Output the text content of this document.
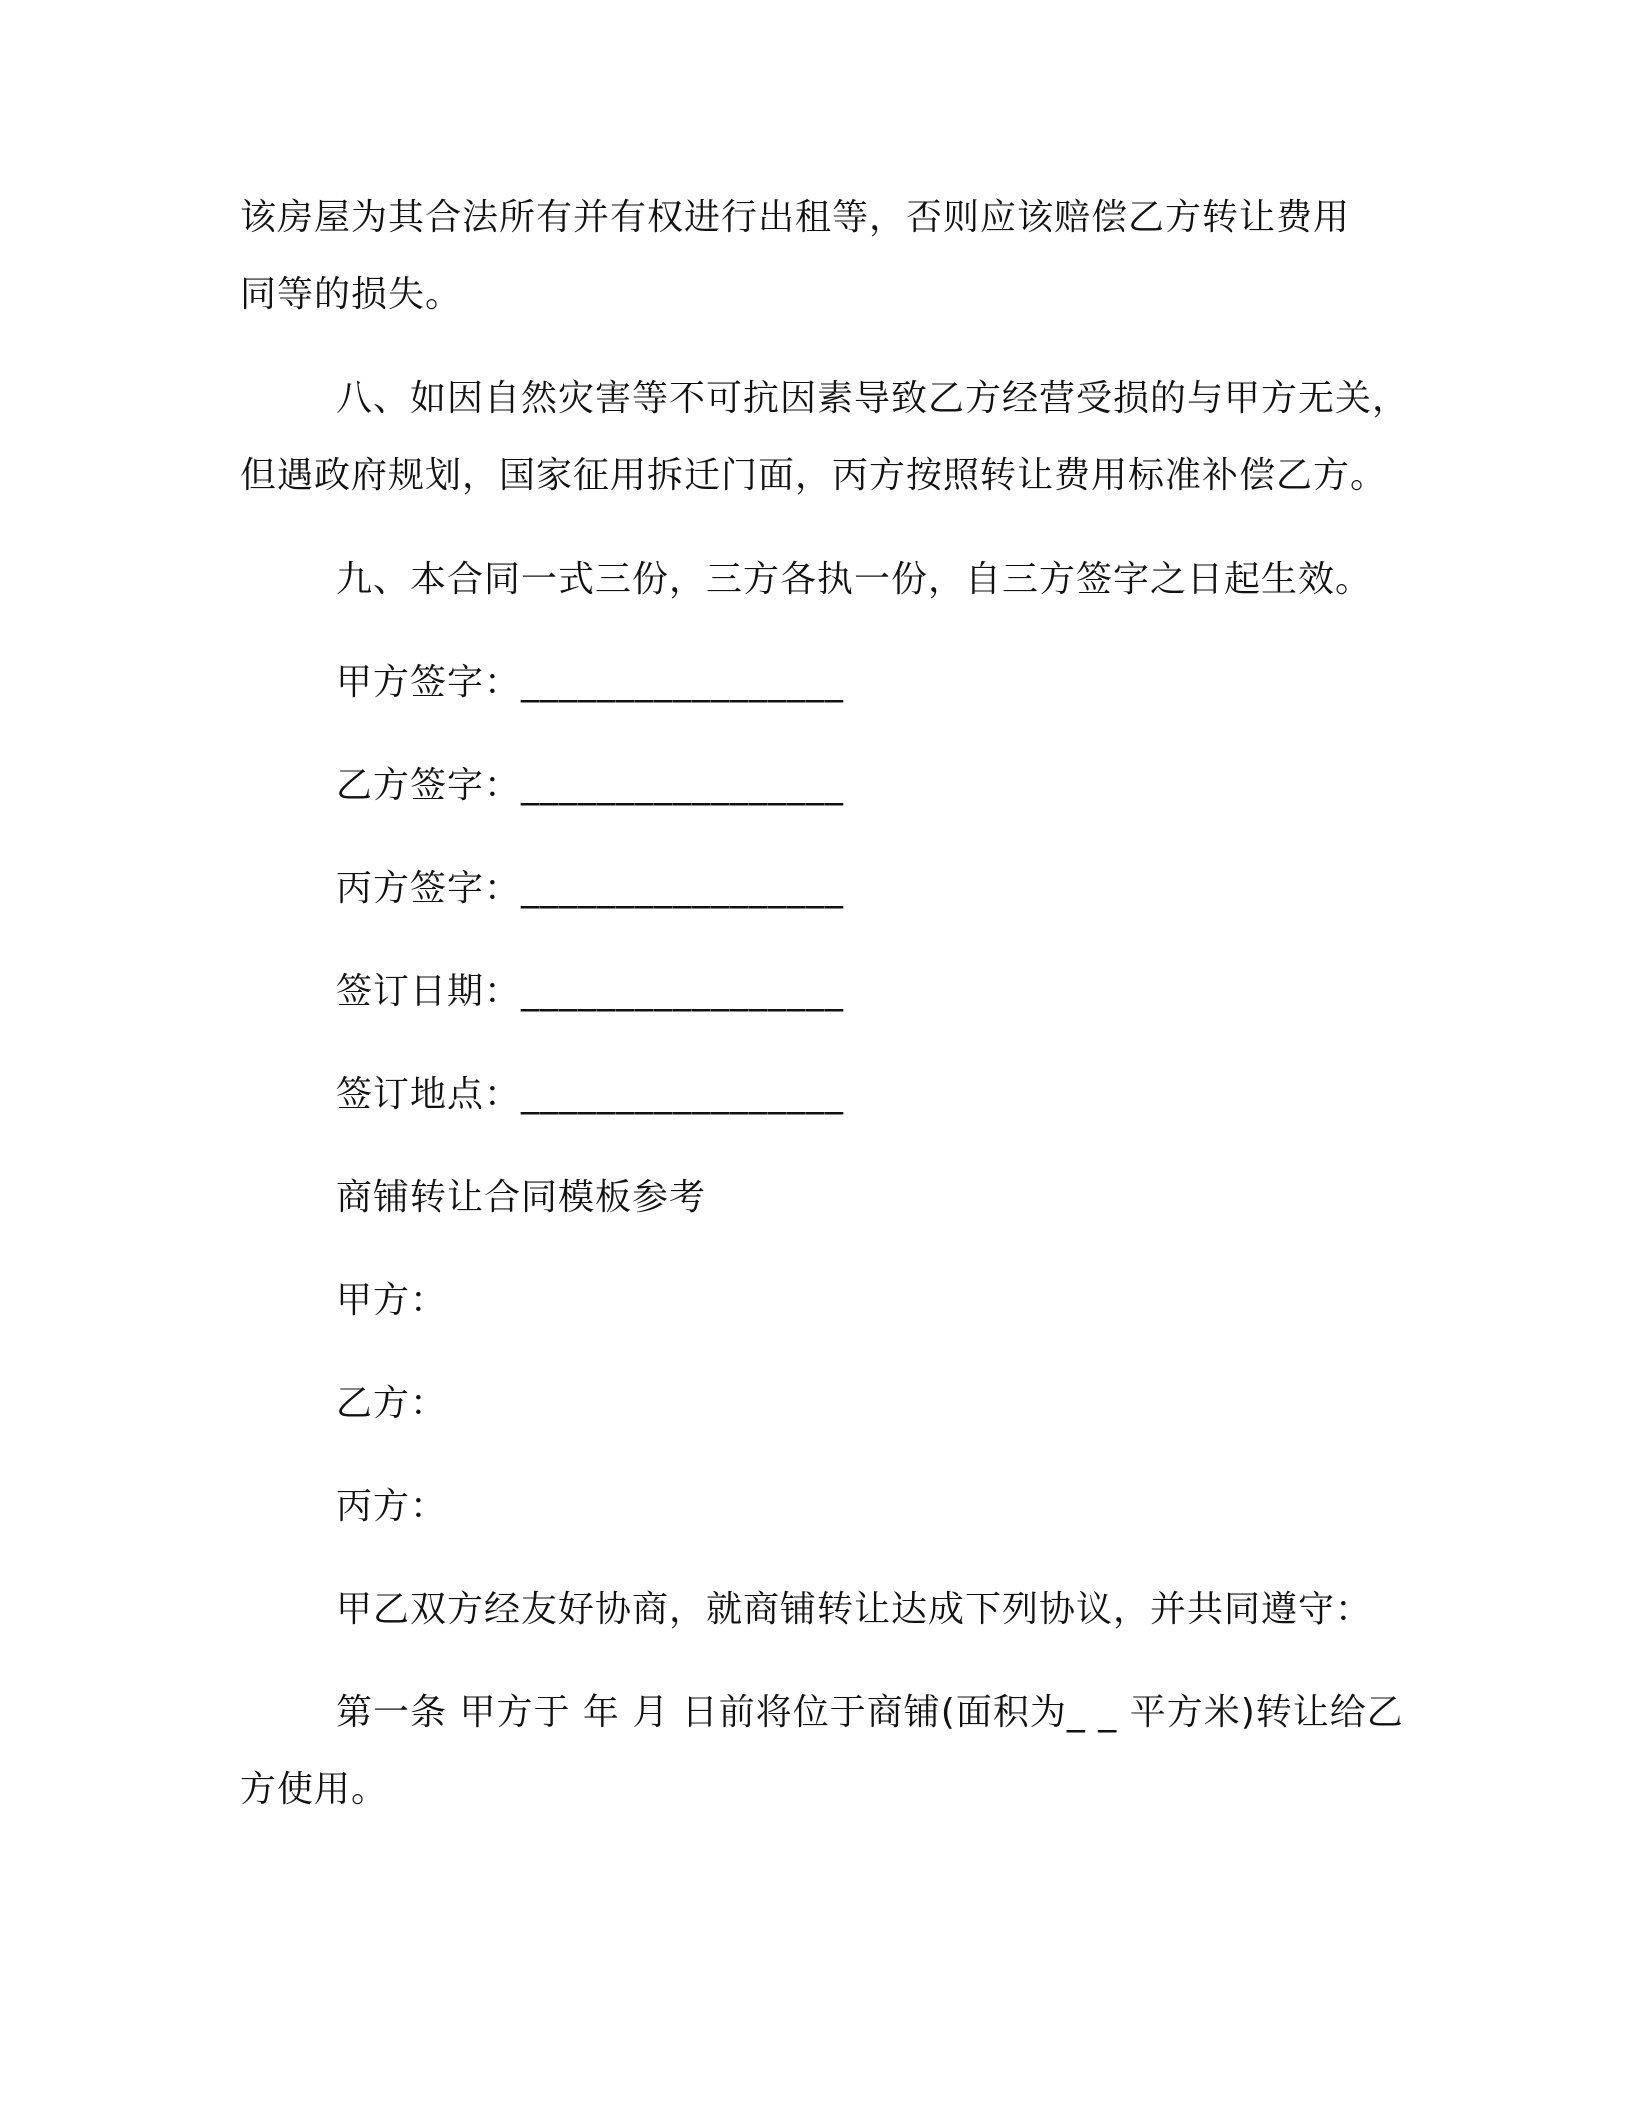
该房屋为其合法所有并有权进行出租等，否则应该赔偿乙方转让费用
同等的损失。
八、如因自然灾害等不可抗因素导致乙方经营受损的与甲方无关，
但遇政府规划，国家征用拆迁门面，丙方按照转让费用标准补偿乙方。
九、本合同一式三份，三方各执一份，自三方签字之日起生效。
甲方签字：_________________
乙方签字：_________________
丙方签字：_________________
签订日期：_________________
签订地点：_________________
商铺转让合同模板参考
甲方：
乙方：
丙方：
甲乙双方经友好协商，就商铺转让达成下列协议，并共同遵守：
第一条 甲方于 年 月 日前将位于商铺(面积为_ _ 平方米)转让给乙
方使用。
